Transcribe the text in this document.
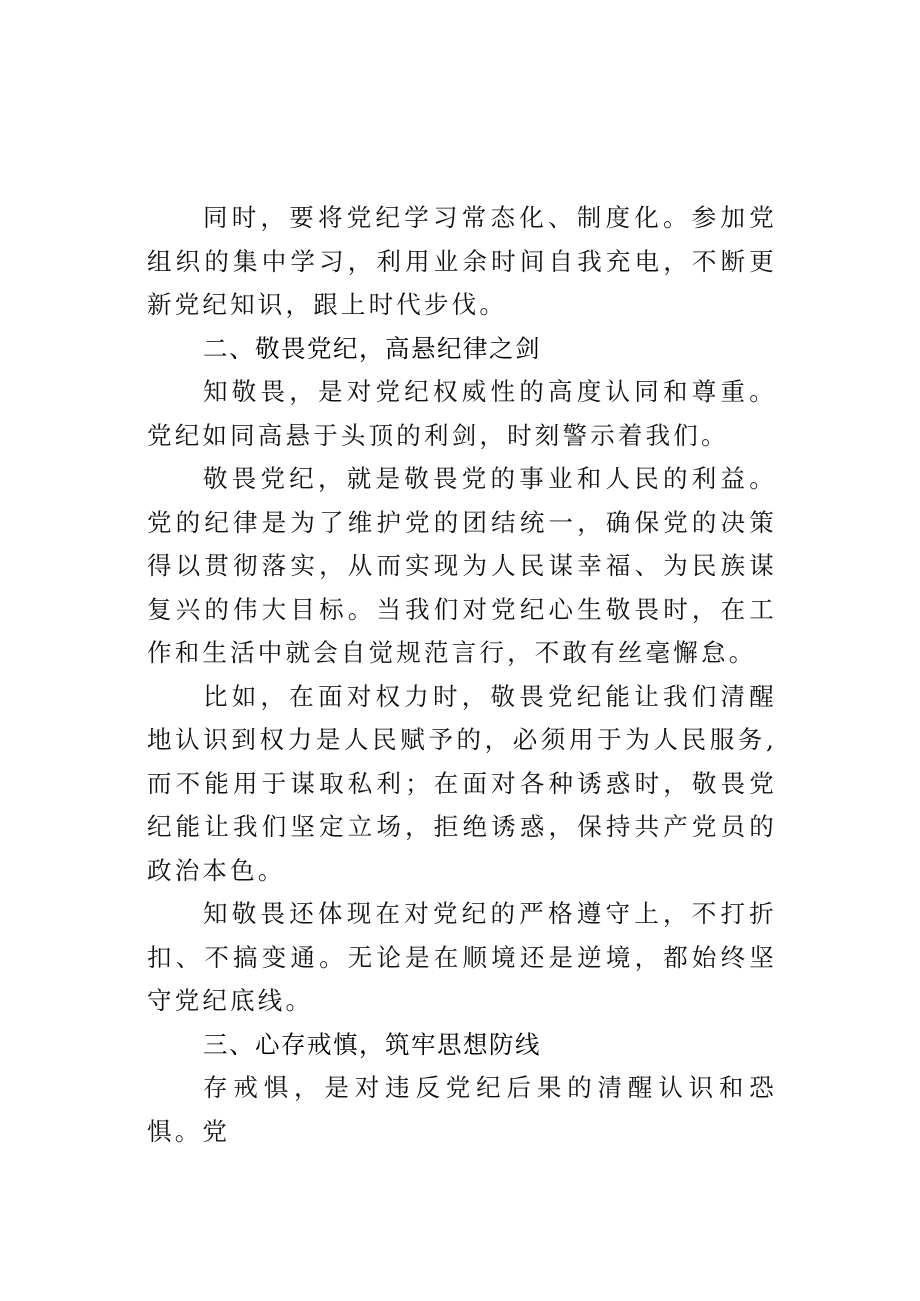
同时，要将党纪学习常态化、制度化。参加党组织的集中学习，利用业余时间自我充电，不断更新党纪知识，跟上时代步伐。

二、敬畏党纪，高悬纪律之剑

知敬畏，是对党纪权威性的高度认同和尊重。党纪如同高悬于头顶的利剑，时刻警示着我们。

敬畏党纪，就是敬畏党的事业和人民的利益。党的纪律是为了维护党的团结统一，确保党的决策得以贯彻落实，从而实现为人民谋幸福、为民族谋复兴的伟大目标。当我们对党纪心生敬畏时，在工作和生活中就会自觉规范言行，不敢有丝毫懈怠。

比如，在面对权力时，敬畏党纪能让我们清醒地认识到权力是人民赋予的，必须用于为人民服务,而不能用于谋取私利；在面对各种诱惑时，敬畏党纪能让我们坚定立场，拒绝诱惑，保持共产党员的政治本色。

知敬畏还体现在对党纪的严格遵守上，不打折扣、不搞变通。无论是在顺境还是逆境，都始终坚守党纪底线。

三、心存戒慎，筑牢思想防线

存戒惧，是对违反党纪后果的清醒认识和恐惧。党
